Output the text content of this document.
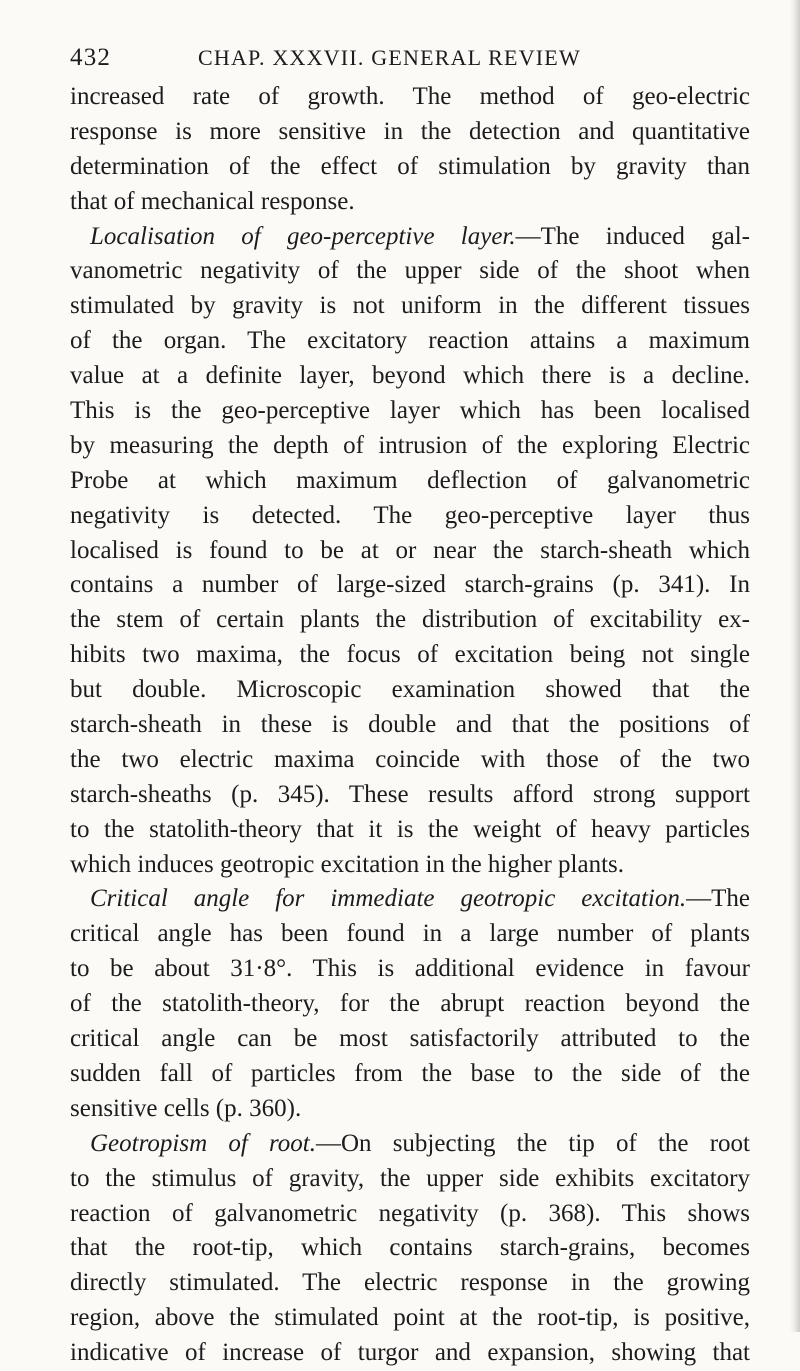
432	CHAP. XXXVII. GENERAL REVIEW
increased rate of growth. The method of geo-electric
response is more sensitive in the detection and quantitative
determination of the effect of stimulation by gravity than
that of mechanical response.
Localisation of geo-perceptive layer.—The induced gal-
vanometric negativity of the upper side of the shoot when
stimulated by gravity is not uniform in the different tissues
of the organ. The excitatory reaction attains a maximum
value at a definite layer, beyond which there is a decline.
This is the geo-perceptive layer which has been localised
by measuring the depth of intrusion of the exploring Electric
Probe at which maximum deflection of galvanometric
negativity is detected. The geo-perceptive layer thus
localised is found to be at or near the starch-sheath which
contains a number of large-sized starch-grains (p. 341). In
the stem of certain plants the distribution of excitability ex-
hibits two maxima, the focus of excitation being not single
but double. Microscopic examination showed that the
starch-sheath in these is double and that the positions of
the two electric maxima coincide with those of the two
starch-sheaths (p. 345). These results afford strong support
to the statolith-theory that it is the weight of heavy particles
which induces geotropic excitation in the higher plants.
Critical angle for immediate geotropic excitation.—The
critical angle has been found in a large number of plants
to be about 31·8°. This is additional evidence in favour
of the statolith-theory, for the abrupt reaction beyond the
critical angle can be most satisfactorily attributed to the
sudden fall of particles from the base to the side of the
sensitive cells (p. 360).
Geotropism of root.—On subjecting the tip of the root
to the stimulus of gravity, the upper side exhibits excitatory
reaction of galvanometric negativity (p. 368). This shows
that the root-tip, which contains starch-grains, becomes
directly stimulated. The electric response in the growing
region, above the stimulated point at the root-tip, is positive,
indicative of increase of turgor and expansion, showing that
